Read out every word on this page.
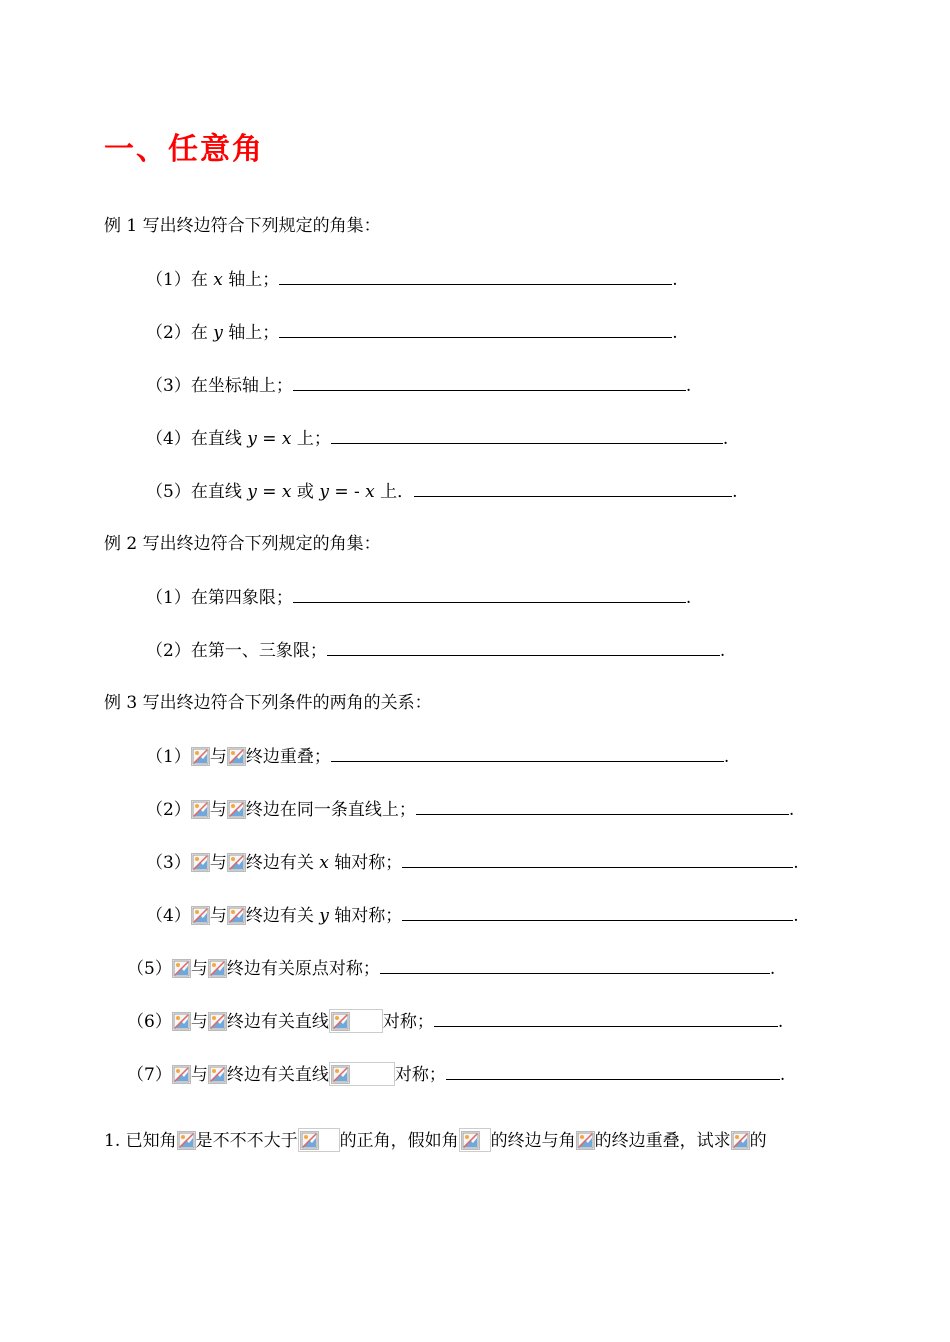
一、任意角
例 1 写出终边符合下列规定的角集：
（1）在 x 轴上；	.
（2）在 y 轴上；	.
（3）在坐标轴上；	.
（4）在直线 y = x 上；	.
（5）在直线 y = x 或 y = - x 上．	.
例 2 写出终边符合下列规定的角集：
（1）在第四象限；	.
（2）在第一、三象限；	.
例 3 写出终边符合下列条件的两角的关系：
（1） 与 终边重叠；	.
（2） 与 终边在同一条直线上；	.
（3） 与 终边有关 x 轴对称；	.
（4） 与 终边有关 y 轴对称；	.
（5） 与 终边有关原点对称；	.
（6） 与 终边有关直线	对称；	.
（7） 与 终边有关直线	对称；	.
1. 已知角 是不不不大于 的正角，假如角 的终边与角 的终边重叠，试求 的
